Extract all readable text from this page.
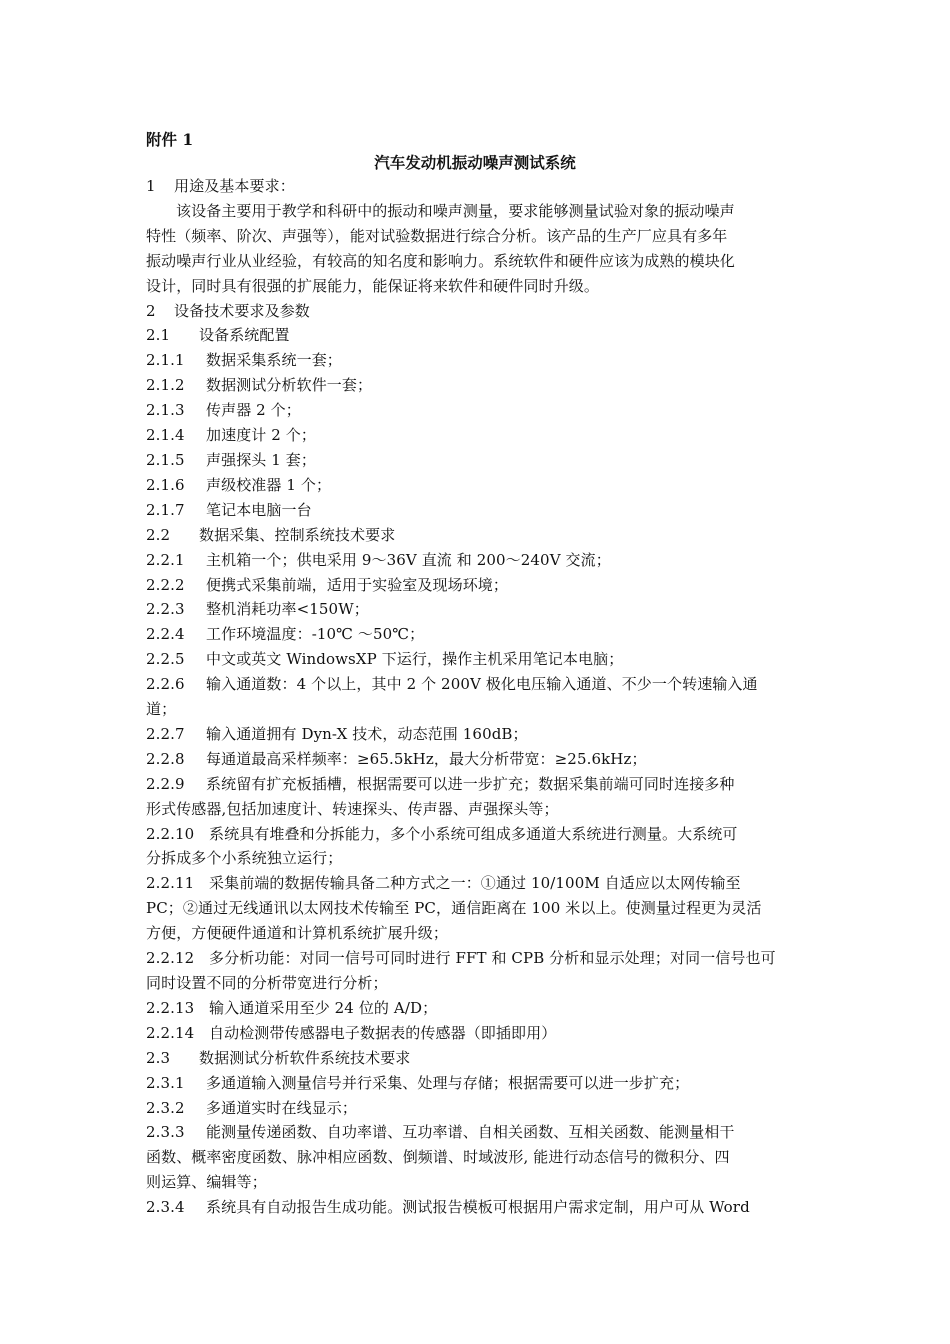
附件 1
汽车发动机振动噪声测试系统
1 用途及基本要求：
该设备主要用于教学和科研中的振动和噪声测量，要求能够测量试验对象的振动噪声
特性（频率、阶次、声强等），能对试验数据进行综合分析。该产品的生产厂应具有多年
振动噪声行业从业经验，有较高的知名度和影响力。系统软件和硬件应该为成熟的模块化
设计，同时具有很强的扩展能力，能保证将来软件和硬件同时升级。
2 设备技术要求及参数
2.1 设备系统配置
2.1.1 数据采集系统一套；
2.1.2 数据测试分析软件一套；
2.1.3 传声器 2 个；
2.1.4 加速度计 2 个；
2.1.5 声强探头 1 套；
2.1.6 声级校准器 1 个；
2.1.7 笔记本电脑一台
2.2 数据采集、控制系统技术要求
2.2.1 主机箱一个；供电采用 9～36V 直流 和 200～240V 交流；
2.2.2 便携式采集前端，适用于实验室及现场环境；
2.2.3 整机消耗功率<150W；
2.2.4 工作环境温度：-10℃ ～50℃；
2.2.5 中文或英文 WindowsXP 下运行，操作主机采用笔记本电脑；
2.2.6 输入通道数：4 个以上，其中 2 个 200V 极化电压输入通道、不少一个转速输入通
道；
2.2.7 输入通道拥有 Dyn-X 技术，动态范围 160dB；
2.2.8 每通道最高采样频率：≥65.5kHz，最大分析带宽：≥25.6kHz；
2.2.9 系统留有扩充板插槽，根据需要可以进一步扩充；数据采集前端可同时连接多种
形式传感器,包括加速度计、转速探头、传声器、声强探头等；
2.2.10 系统具有堆叠和分拆能力，多个小系统可组成多通道大系统进行测量。大系统可
分拆成多个小系统独立运行；
2.2.11 采集前端的数据传输具备二种方式之一：①通过 10/100M 自适应以太网传输至
PC；②通过无线通讯以太网技术传输至 PC，通信距离在 100 米以上。使测量过程更为灵活
方便，方便硬件通道和计算机系统扩展升级；
2.2.12 多分析功能：对同一信号可同时进行 FFT 和 CPB 分析和显示处理；对同一信号也可
同时设置不同的分析带宽进行分析；
2.2.13 输入通道采用至少 24 位的 A/D；
2.2.14 自动检测带传感器电子数据表的传感器（即插即用）
2.3 数据测试分析软件系统技术要求
2.3.1 多通道输入测量信号并行采集、处理与存储；根据需要可以进一步扩充；
2.3.2 多通道实时在线显示；
2.3.3 能测量传递函数、自功率谱、互功率谱、自相关函数、互相关函数、能测量相干
函数、概率密度函数、脉冲相应函数、倒频谱、时域波形, 能进行动态信号的微积分、四
则运算、编辑等；
2.3.4 系统具有自动报告生成功能。测试报告模板可根据用户需求定制，用户可从 Word
